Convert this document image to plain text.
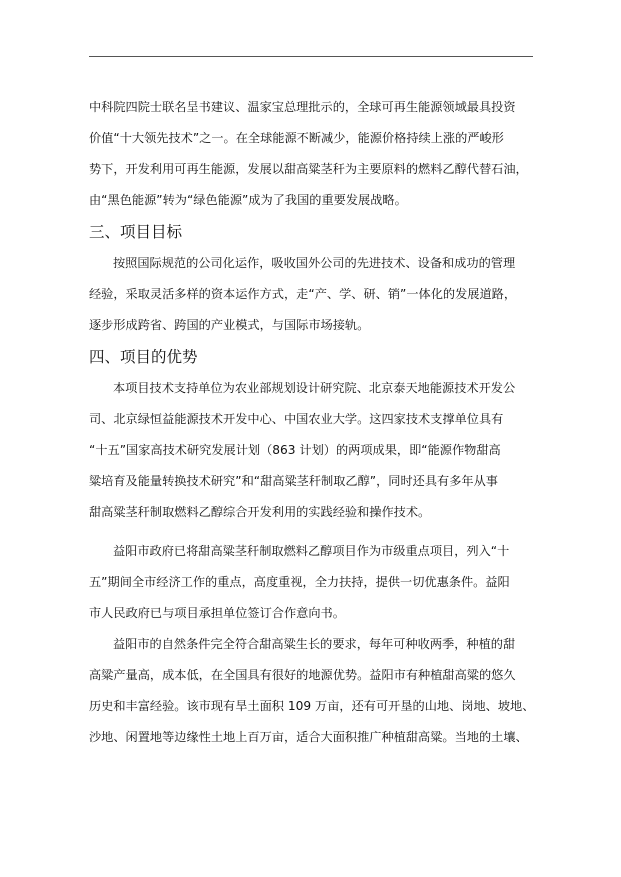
中科院四院士联名呈书建议、温家宝总理批示的，全球可再生能源领域最具投资
价值“十大领先技术”之一。在全球能源不断减少，能源价格持续上涨的严峻形
势下，开发利用可再生能源，发展以甜高粱茎秆为主要原料的燃料乙醇代替石油，
由“黑色能源”转为“绿色能源”成为了我国的重要发展战略。
三、项目目标
按照国际规范的公司化运作，吸收国外公司的先进技术、设备和成功的管理
经验，采取灵活多样的资本运作方式，走“产、学、研、销”一体化的发展道路，
逐步形成跨省、跨国的产业模式，与国际市场接轨。
四、项目的优势
本项目技术支持单位为农业部规划设计研究院、北京泰天地能源技术开发公
司、北京绿恒益能源技术开发中心、中国农业大学。这四家技术支撑单位具有
“十五”国家高技术研究发展计划（863 计划）的两项成果，即“能源作物甜高
粱培育及能量转换技术研究”和“甜高粱茎秆制取乙醇”，同时还具有多年从事
甜高粱茎秆制取燃料乙醇综合开发利用的实践经验和操作技术。
益阳市政府已将甜高粱茎秆制取燃料乙醇项目作为市级重点项目，列入“十
五”期间全市经济工作的重点，高度重视，全力扶持，提供一切优惠条件。益阳
市人民政府已与项目承担单位签订合作意向书。
益阳市的自然条件完全符合甜高粱生长的要求，每年可种收两季，种植的甜
高粱产量高，成本低，在全国具有很好的地源优势。益阳市有种植甜高粱的悠久
历史和丰富经验。该市现有旱土面积 109 万亩，还有可开垦的山地、岗地、坡地、
沙地、闲置地等边缘性土地上百万亩，适合大面积推广种植甜高粱。当地的土壤、
